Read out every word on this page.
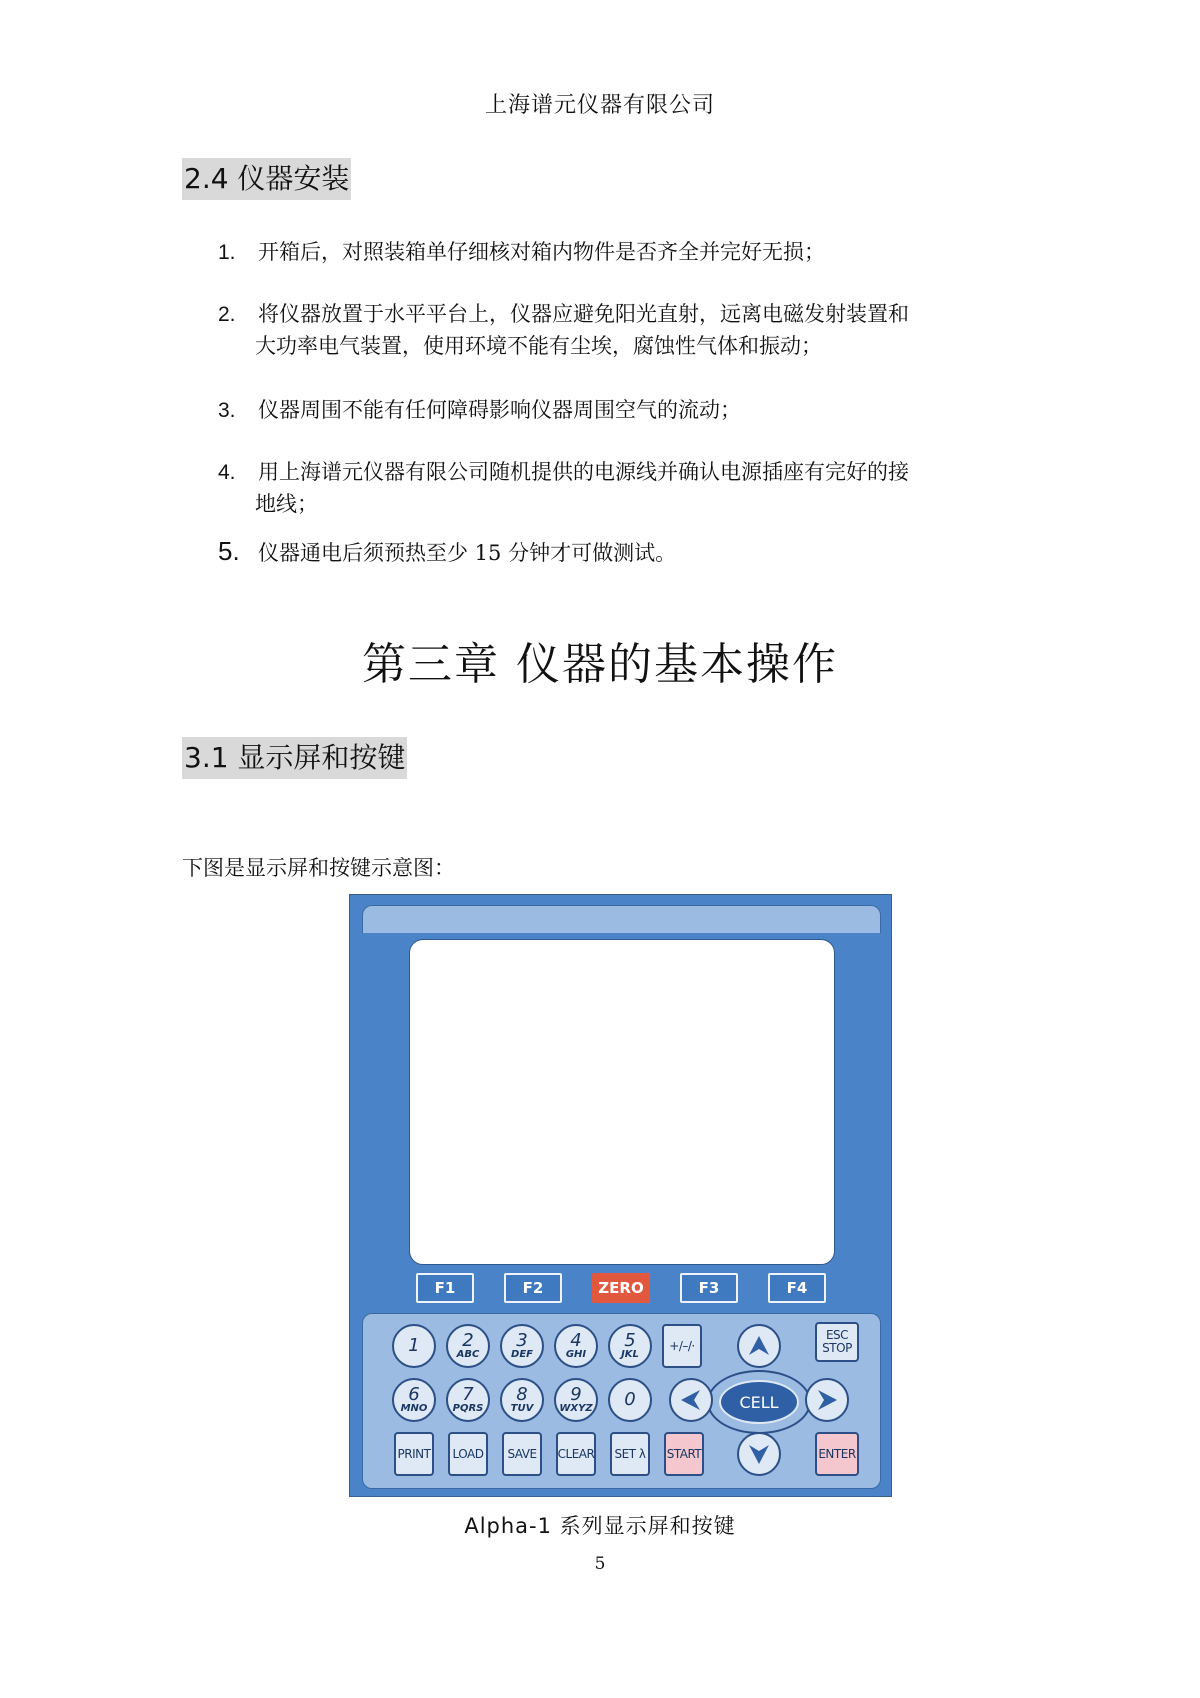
上海谱元仪器有限公司
2.4 仪器安装
1. 开箱后，对照装箱单仔细核对箱内物件是否齐全并完好无损；
2. 将仪器放置于水平平台上，仪器应避免阳光直射，远离电磁发射装置和
大功率电气装置，使用环境不能有尘埃，腐蚀性气体和振动；
3. 仪器周围不能有任何障碍影响仪器周围空气的流动；
4. 用上海谱元仪器有限公司随机提供的电源线并确认电源插座有完好的接
地线；
5. 仪器通电后须预热至少 15 分钟才可做测试。
第三章 仪器的基本操作
3.1 显示屏和按键
下图是显示屏和按键示意图：
F1	F2	ZERO	F3	F4
1 2
ABC
3
DEF
4
GHI
5
JKL
+/–/·
6
MNO
7
PQRS
8
TUV
9
WXYZ 0
PRINT	LOAD	SAVE	CLEAR	SET λ	START
CELL
ESC
STOP
ENTER
Alpha-1 系列显示屏和按键
5
